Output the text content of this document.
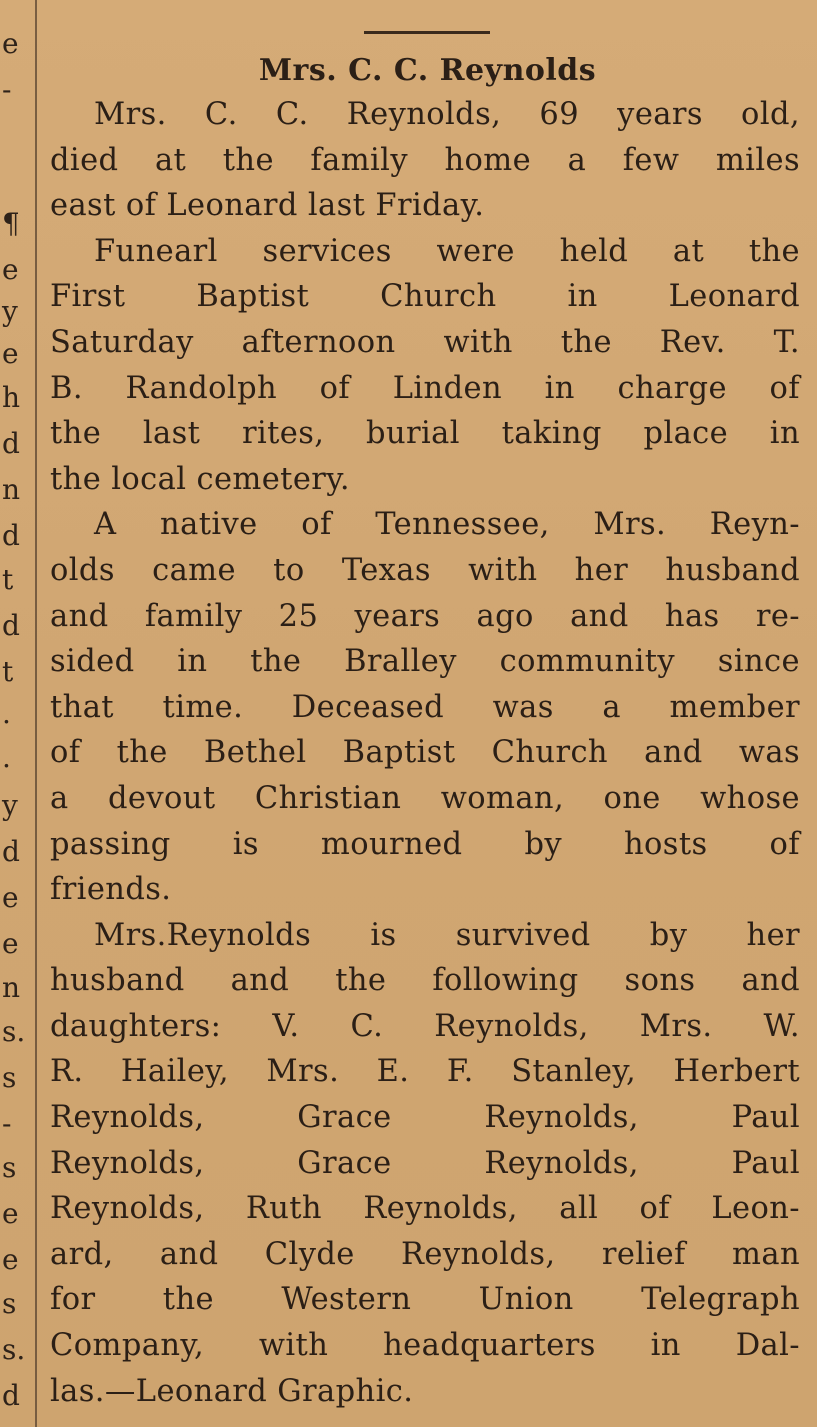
e
-
¶
e
y
e
h
d
n
d
t
d
t
.
.
y
d
e
e
n
s.
s
-
s
e
e
s
s.
d
Mrs. C. C. Reynolds
Mrs. C. C. Reynolds, 69 years old,
died at the family home a few miles
east of Leonard last Friday.
Funearl services were held at the
First Baptist Church in Leonard
Saturday afternoon with the Rev. T.
B. Randolph of Linden in charge of
the last rites, burial taking place in
the local cemetery.
A native of Tennessee, Mrs. Reyn-
olds came to Texas with her husband
and family 25 years ago and has re-
sided in the Bralley community since
that time. Deceased was a member
of the Bethel Baptist Church and was
a devout Christian woman, one whose
passing is mourned by hosts of
friends.
Mrs.Reynolds is survived by her
husband and the following sons and
daughters: V. C. Reynolds, Mrs. W.
R. Hailey, Mrs. E. F. Stanley, Herbert
Reynolds, Grace Reynolds, Paul
Reynolds, Grace Reynolds, Paul
Reynolds, Ruth Reynolds, all of Leon-
ard, and Clyde Reynolds, relief man
for the Western Union Telegraph
Company, with headquarters in Dal-
las.—Leonard Graphic.
